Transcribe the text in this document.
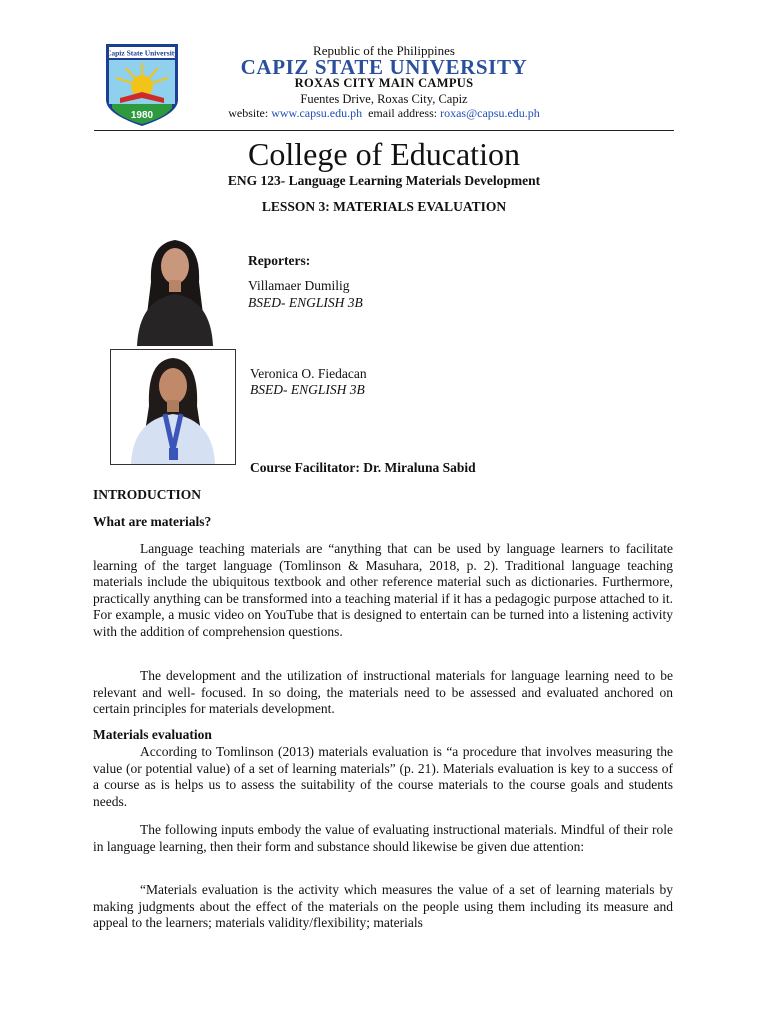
Capiz State University
1980
Republic of the Philippines
CAPIZ STATE UNIVERSITY
ROXAS CITY MAIN CAMPUS
Fuentes Drive, Roxas City, Capiz
website: www.capsu.edu.ph email address: roxas@capsu.edu.ph
College of Education
ENG 123- Language Learning Materials Development
LESSON 3: MATERIALS EVALUATION
Reporters:
Villamaer Dumilig
BSED- ENGLISH 3B
Veronica O. Fiedacan
BSED- ENGLISH 3B
Course Facilitator: Dr. Miraluna Sabid
INTRODUCTION
What are materials?
Language teaching materials are “anything that can be used by language learners to facilitate learning of the target language (Tomlinson & Masuhara, 2018, p. 2). Traditional language teaching materials include the ubiquitous textbook and other reference material such as dictionaries. Furthermore, practically anything can be transformed into a teaching material if it has a pedagogic purpose attached to it. For example, a music video on YouTube that is designed to entertain can be turned into a listening activity with the addition of comprehension questions.
The development and the utilization of instructional materials for language learning need to be relevant and well- focused. In so doing, the materials need to be assessed and evaluated anchored on certain principles for materials development.
Materials evaluation
According to Tomlinson (2013) materials evaluation is “a procedure that involves measuring the value (or potential value) of a set of learning materials” (p. 21). Materials evaluation is key to a success of a course as is helps us to assess the suitability of the course materials to the course goals and students needs.
The following inputs embody the value of evaluating instructional materials. Mindful of their role in language learning, then their form and substance should likewise be given due attention:
“Materials evaluation is the activity which measures the value of a set of learning materials by making judgments about the effect of the materials on the people using them including its measure and appeal to the learners; materials validity/flexibility; materials
